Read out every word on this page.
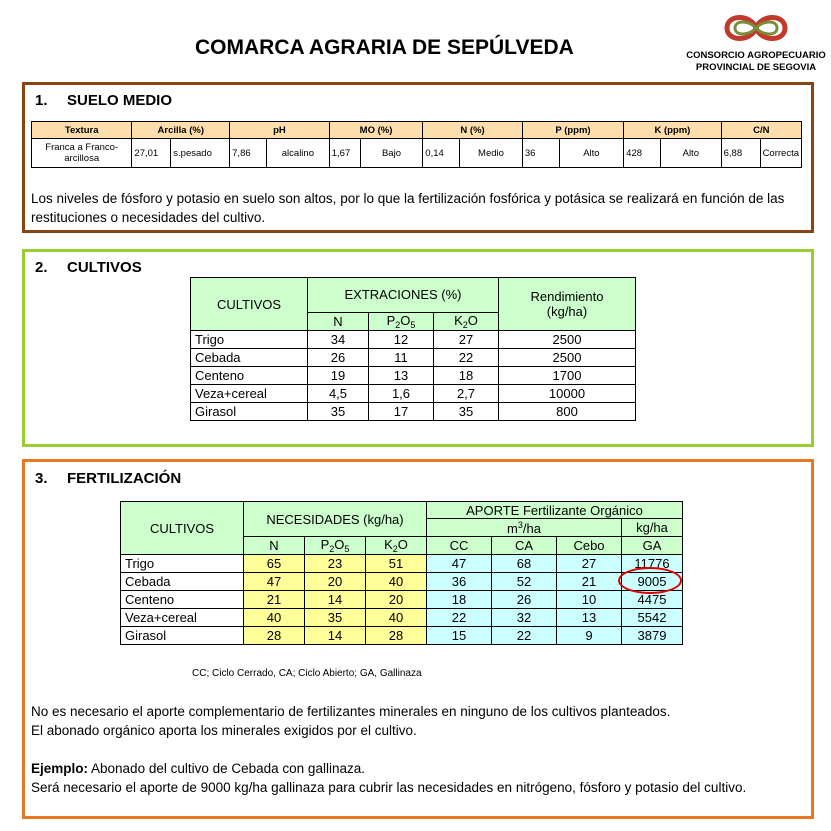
COMARCA AGRARIA DE SEPÚLVEDA	CONSORCIO AGROPECUARIO
PROVINCIAL DE SEGOVIA
1. SUELO MEDIO
Textura	Arcilla (%)		pH		MO (%)		N (%)		P (ppm)		K (ppm)		C/N	
Franca a Franco-arcillosa	27,01	s.pesado	7,86	alcalino	1,67	Bajo	0,14	Medio	36	Alto	428	Alto	6,88	Correcta
Los niveles de fósforo y potasio en suelo son altos, por lo que la fertilización fosfórica y potásica se realizará en función de las restituciones o necesidades del cultivo.
2. CULTIVOS
CULTIVOS	EXTRACIONES (%)			Rendimiento
(kg/ha)

	N	$P_2O_5$	$K_2O$	
Trigo	34	12	27	2500
Cebada	26	11	22	2500
Centeno	19	13	18	1700
Veza+cereal	4,5	1,6	2,7	10000
Girasol	35	17	35	800
3. FERTILIZACIÓN
CULTIVOS	NECESIDADES (kg/ha)			APORTE Fertilizante Orgánico			
				$m^3/ha$			kg/ha
	N	$P_2O_5$	$K_2O$	CC	CA	Cebo	GA
Trigo	65	23	51	47	68	27	11776
Cebada	47	20	40	36	52	21	9005

Centeno	21	14	20	18	26	10	4475
Veza+cereal	40	35	40	22	32	13	5542
Girasol	28	14	28	15	22	9	3879
CC; Ciclo Cerrado, CA; Ciclo Abierto; GA, Gallinaza
No es necesario el aporte complementario de fertilizantes minerales en ninguno de los cultivos planteados.
El abonado orgánico aporta los minerales exigidos por el cultivo.
Ejemplo: Abonado del cultivo de Cebada con gallinaza.
Será necesario el aporte de 9000 kg/ha gallinaza para cubrir las necesidades en nitrógeno, fósforo y potasio del cultivo.
